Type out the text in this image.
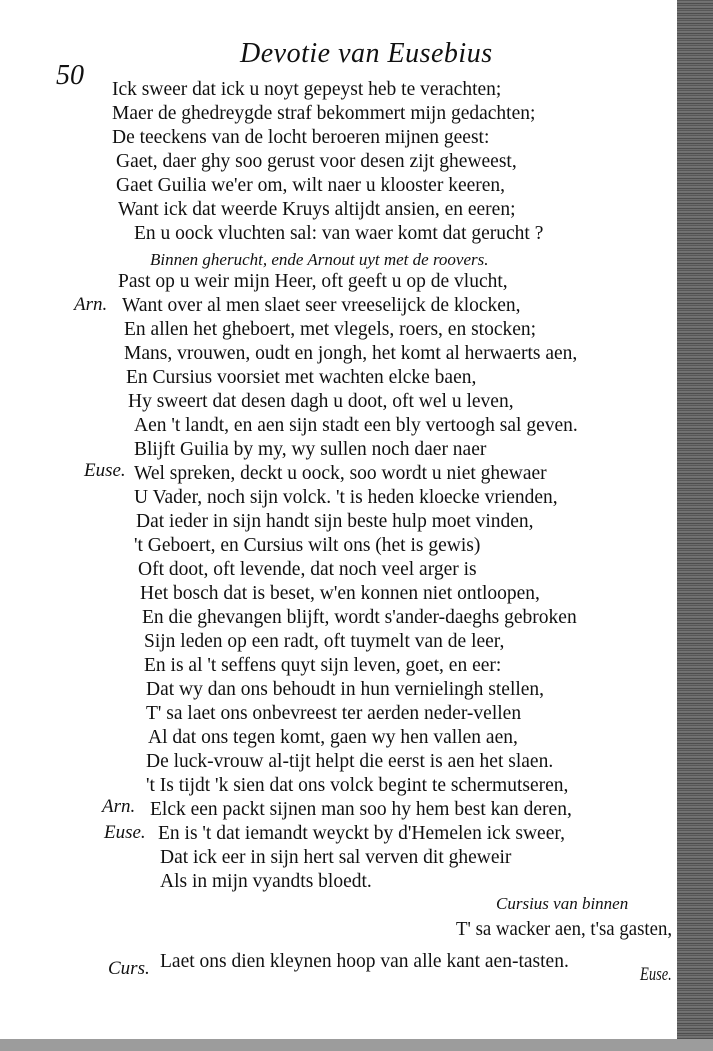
50
Devotie van Eusebius
Ick sweer dat ick u noyt gepeyst heb te verachten;
Maer de ghedreygde straf bekommert mijn gedachten;
De teeckens van de locht beroeren mijnen geest:
Gaet, daer ghy soo gerust voor desen zijt gheweest,
Gaet Guilia we'er om, wilt naer u klooster keeren,
Want ick dat weerde Kruys altijdt ansien, en eeren;
En u oock vluchten sal: van waer komt dat gerucht ?
Binnen gherucht, ende Arnout uyt met de roovers.
Arn.
Past op u weir mijn Heer, oft geeft u op de vlucht,
Want over al men slaet seer vreeselijck de klocken,
En allen het gheboert, met vlegels, roers, en stocken;
Mans, vrouwen, oudt en jongh, het komt al herwaerts aen,
En Cursius voorsiet met wachten elcke baen,
Hy sweert dat desen dagh u doot, oft wel u leven,
Aen 't landt, en aen sijn stadt een bly vertoogh sal geven.
Euse.
Blijft Guilia by my, wy sullen noch daer naer
Wel spreken, deckt u oock, soo wordt u niet ghewaer
U Vader, noch sijn volck. 't is heden kloecke vrienden,
Dat ieder in sijn handt sijn beste hulp moet vinden,
't Geboert, en Cursius wilt ons (het is gewis)
Oft doot, oft levende, dat noch veel arger is
Het bosch dat is beset, w'en konnen niet ontloopen,
En die ghevangen blijft, wordt s'ander-daeghs gebroken
Sijn leden op een radt, oft tuymelt van de leer,
En is al 't seffens quyt sijn leven, goet, en eer:
Dat wy dan ons behoudt in hun vernielingh stellen,
T' sa laet ons onbevreest ter aerden neder-vellen
Al dat ons tegen komt, gaen wy hen vallen aen,
De luck-vrouw al-tijt helpt die eerst is aen het slaen.
Arn.
't Is tijdt 'k sien dat ons volck begint te schermutseren,
Euse.
Elck een packt sijnen man soo hy hem best kan deren,
En is 't dat iemandt weyckt by d'Hemelen ick sweer,
Dat ick eer in sijn hert sal verven dit gheweir
Als in mijn vyandts bloedt.
Cursius van binnen
T' sa wacker aen, t'sa gasten,
Curs. Laet ons dien kleynen hoop van alle kant aen-tasten.
Euse.
